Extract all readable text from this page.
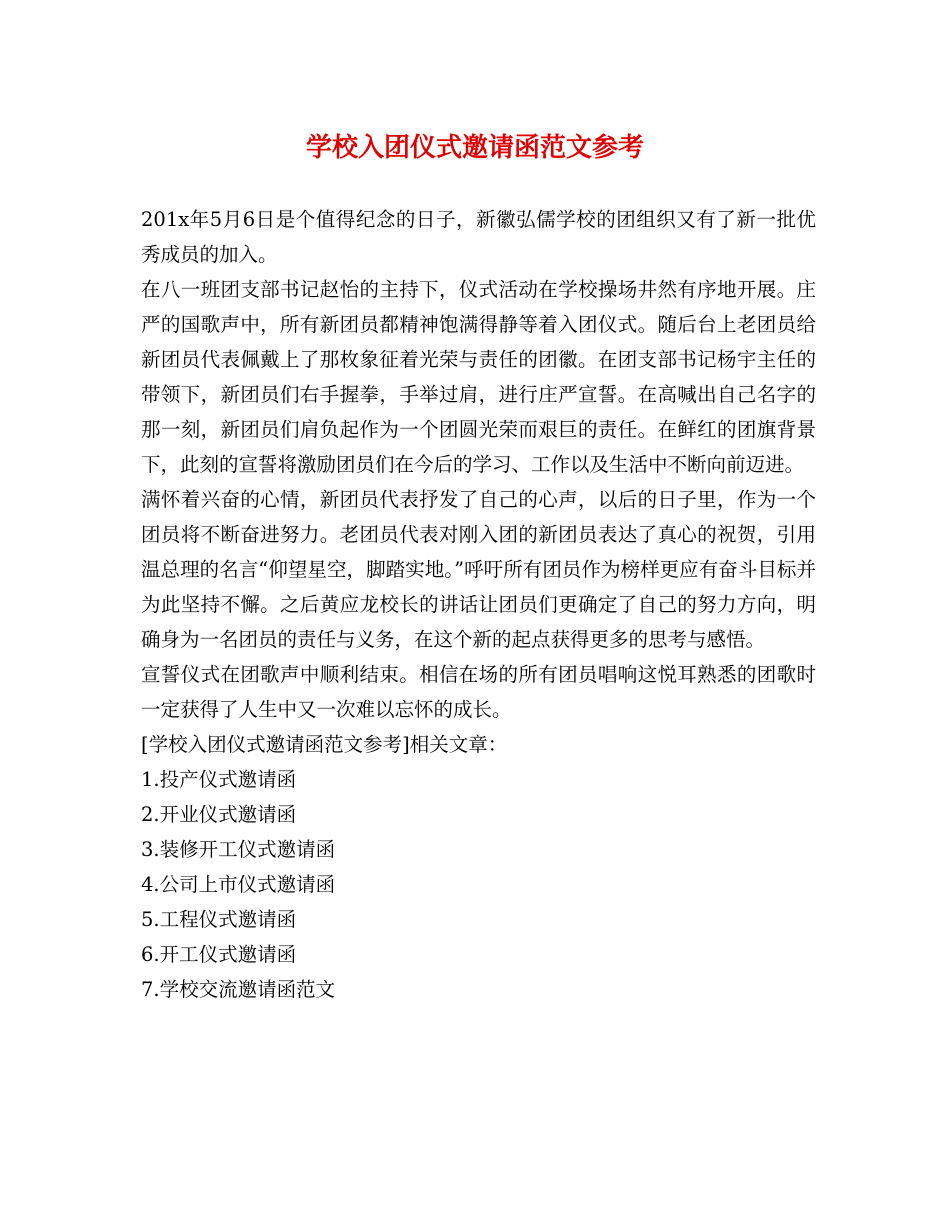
学校入团仪式邀请函范文参考

201x年5月6日是个值得纪念的日子，新徽弘儒学校的团组织又有了新一批优秀成员的加入。

在八一班团支部书记赵怡的主持下，仪式活动在学校操场井然有序地开展。庄严的国歌声中，所有新团员都精神饱满得静等着入团仪式。随后台上老团员给新团员代表佩戴上了那枚象征着光荣与责任的团徽。在团支部书记杨宇主任的带领下，新团员们右手握拳，手举过肩，进行庄严宣誓。在高喊出自己名字的那一刻，新团员们肩负起作为一个团圆光荣而艰巨的责任。在鲜红的团旗背景下，此刻的宣誓将激励团员们在今后的学习、工作以及生活中不断向前迈进。

满怀着兴奋的心情，新团员代表抒发了自己的心声，以后的日子里，作为一个团员将不断奋进努力。老团员代表对刚入团的新团员表达了真心的祝贺，引用温总理的名言“仰望星空，脚踏实地。”呼吁所有团员作为榜样更应有奋斗目标并为此坚持不懈。之后黄应龙校长的讲话让团员们更确定了自己的努力方向，明确身为一名团员的责任与义务，在这个新的起点获得更多的思考与感悟。

宣誓仪式在团歌声中顺利结束。相信在场的所有团员唱响这悦耳熟悉的团歌时一定获得了人生中又一次难以忘怀的成长。

[学校入团仪式邀请函范文参考]相关文章：

1.投产仪式邀请函
2.开业仪式邀请函
3.装修开工仪式邀请函
4.公司上市仪式邀请函
5.工程仪式邀请函
6.开工仪式邀请函
7.学校交流邀请函范文
